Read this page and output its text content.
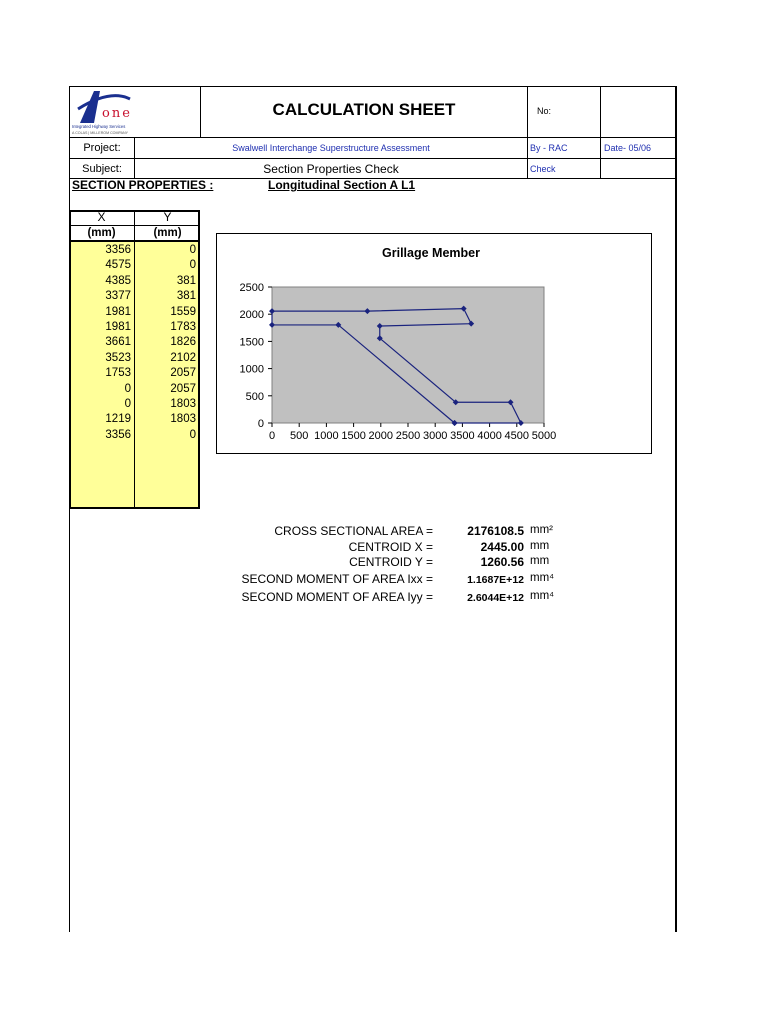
one
Integrated Highway Services
A COLAS | MILLEROM COMPANY
CALCULATION SHEET	No:
Project:	Swalwell Interchange Superstructure Assessment	By - RAC	Date- 05/06
Subject:	Section Properties Check	Check
SECTION PROPERTIES :	Longitudinal Section A L1
X	Y
(mm)	(mm)
3356	0
4575	0
4385	381
3377	381
1981	1559
1981	1783
3661	1826
3523	2102
1753	2057
0	2057
0	1803
1219	1803
3356	0
Grillage Member
0
500
1000
1500
2000
2500
0 500 1000 1500 2000 2500 3000 3500 4000 4500 5000
CROSS SECTIONAL AREA =	2176108.5 mm²
CENTROID X =	2445.00 mm
CENTROID Y =	1260.56 mm
SECOND MOMENT OF AREA Ixx =	1.1687E+12 mm⁴
SECOND MOMENT OF AREA Iyy =	2.6044E+12 mm⁴
